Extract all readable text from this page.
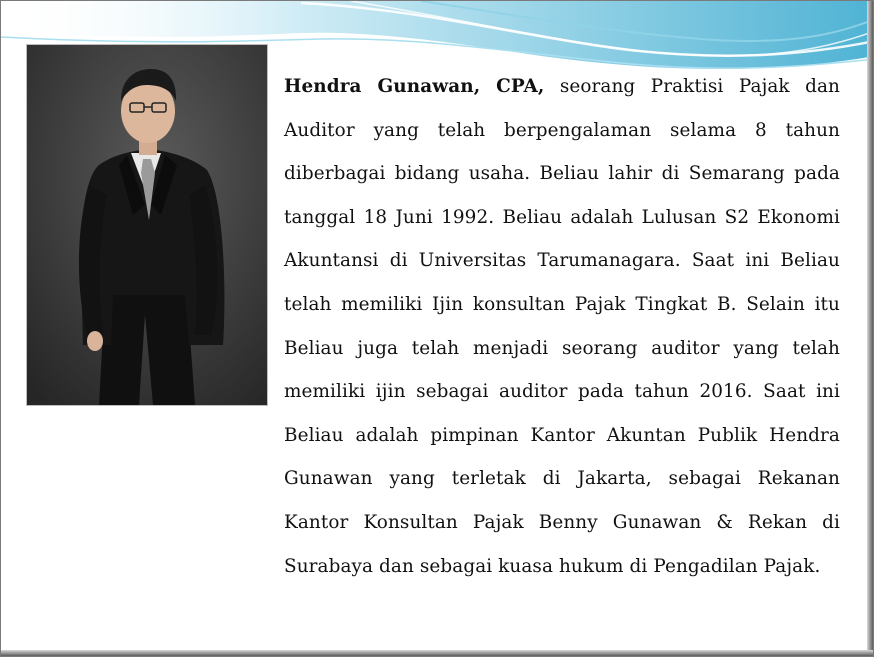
Hendra Gunawan, CPA, seorang Praktisi Pajak dan Auditor yang telah berpengalaman selama 8 tahun diberbagai bidang usaha. Beliau lahir di Semarang pada tanggal 18 Juni 1992. Beliau adalah Lulusan S2 Ekonomi Akuntansi di Universitas Tarumanagara. Saat ini Beliau telah memiliki Ijin konsultan Pajak Tingkat B. Selain itu Beliau juga telah menjadi seorang auditor yang telah memiliki ijin sebagai auditor pada tahun 2016. Saat ini Beliau adalah pimpinan Kantor Akuntan Publik Hendra Gunawan yang terletak di Jakarta, sebagai Rekanan Kantor Konsultan Pajak Benny Gunawan & Rekan di Surabaya dan sebagai kuasa hukum di Pengadilan Pajak.
